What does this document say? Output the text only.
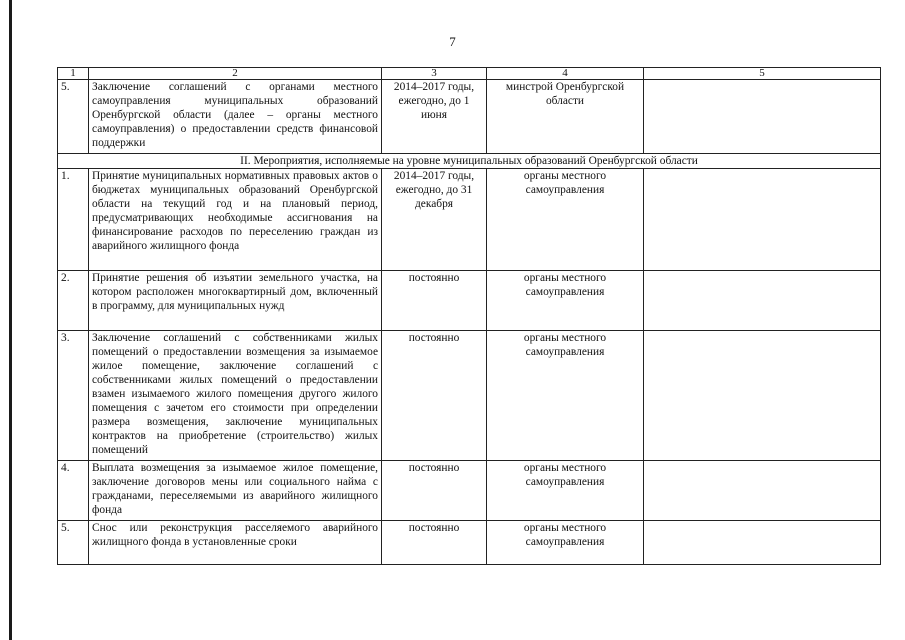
7
1	2	3	4	5
5.	Заключение соглашений с органами местного самоуправления муниципальных образований Оренбургской области (далее – органы местного самоуправления) о предоставлении средств финансовой поддержки	2014–2017 годы, ежегодно, до 1 июня	минстрой Оренбургской области	
II. Мероприятия, исполняемые на уровне муниципальных образований Оренбургской области				
1.	Принятие муниципальных нормативных правовых актов о бюджетах муниципальных образований Оренбургской области на текущий год и на плановый период, предусматривающих необходимые ассигнования на финансирование расходов по переселению граждан из аварийного жилищного фонда	2014–2017 годы, ежегодно, до 31 декабря	органы местного самоуправления	
2.	Принятие решения об изъятии земельного участка, на котором расположен многоквартирный дом, включенный в программу, для муниципальных нужд	постоянно	органы местного самоуправления	
3.	Заключение соглашений с собственниками жилых помещений о предоставлении возмещения за изымаемое жилое помещение, заключение соглашений с собственниками жилых помещений о предоставлении взамен изымаемого жилого помещения другого жилого помещения с зачетом его стоимости при определении размера возмещения, заключение муниципальных контрактов на приобретение (строительство) жилых помещений	постоянно	органы местного самоуправления	
4.	Выплата возмещения за изымаемое жилое помещение, заключение договоров мены или социального найма с гражданами, переселяемыми из аварийного жилищного фонда	постоянно	органы местного самоуправления	
5.	Снос или реконструкция расселяемого аварийного жилищного фонда в установленные сроки	постоянно	органы местного самоуправления	
